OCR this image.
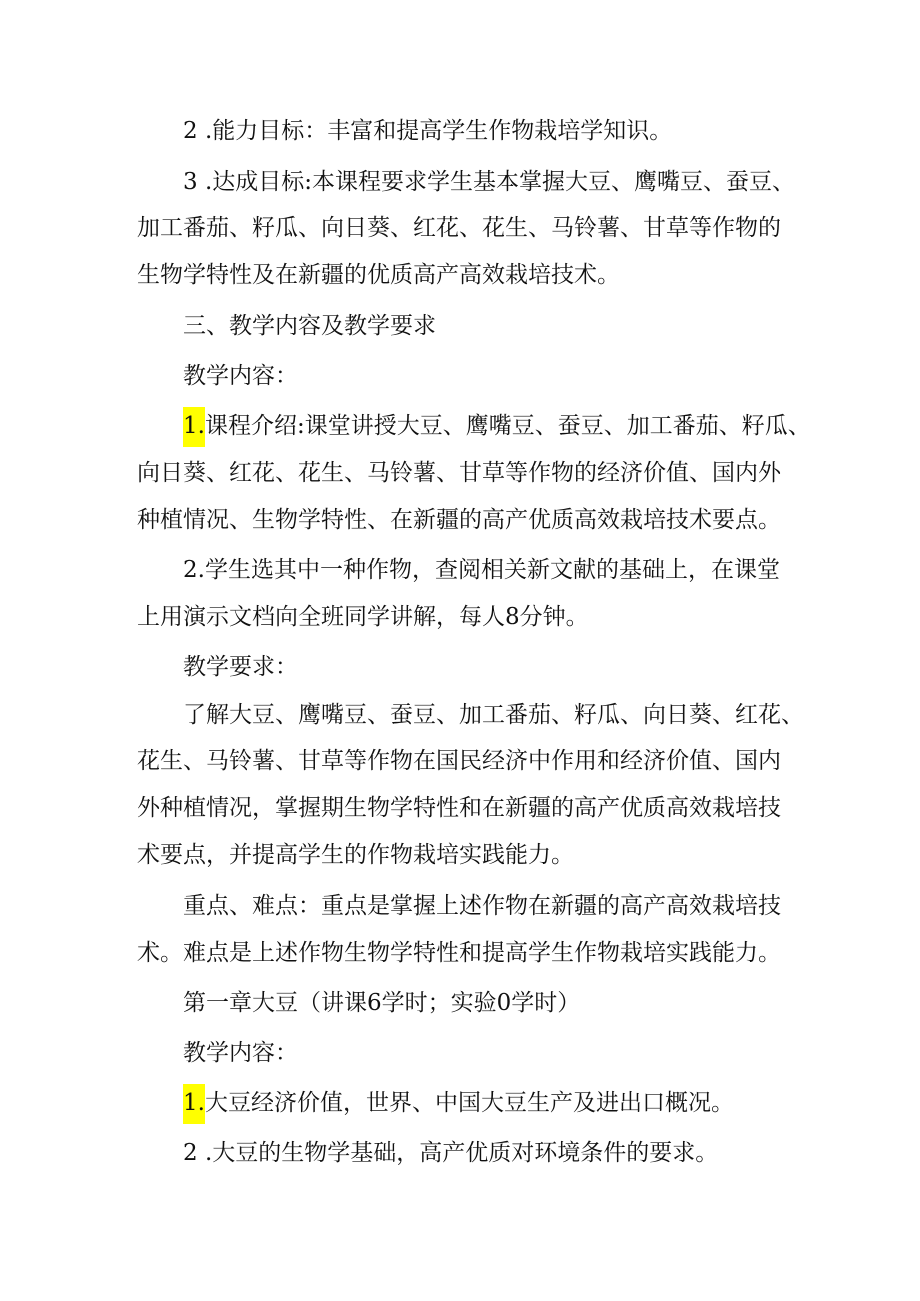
2 .能力目标：丰富和提高学生作物栽培学知识。
3 .达成目标:本课程要求学生基本掌握大豆、鹰嘴豆、蚕豆、
加工番茄、籽瓜、向日葵、红花、花生、马铃薯、甘草等作物的
生物学特性及在新疆的优质高产高效栽培技术。
三、教学内容及教学要求
教学内容：
1.课程介绍:课堂讲授大豆、鹰嘴豆、蚕豆、加工番茄、籽瓜、
向日葵、红花、花生、马铃薯、甘草等作物的经济价值、国内外
种植情况、生物学特性、在新疆的高产优质高效栽培技术要点。
2.学生选其中一种作物，查阅相关新文献的基础上，在课堂
上用演示文档向全班同学讲解，每人8分钟。
教学要求：
了解大豆、鹰嘴豆、蚕豆、加工番茄、籽瓜、向日葵、红花、
花生、马铃薯、甘草等作物在国民经济中作用和经济价值、国内
外种植情况，掌握期生物学特性和在新疆的高产优质高效栽培技
术要点，并提高学生的作物栽培实践能力。
重点、难点：重点是掌握上述作物在新疆的高产高效栽培技
术。难点是上述作物生物学特性和提高学生作物栽培实践能力。
第一章大豆（讲课6学时；实验0学时）
教学内容：
1.大豆经济价值，世界、中国大豆生产及进出口概况。
2 .大豆的生物学基础，高产优质对环境条件的要求。
